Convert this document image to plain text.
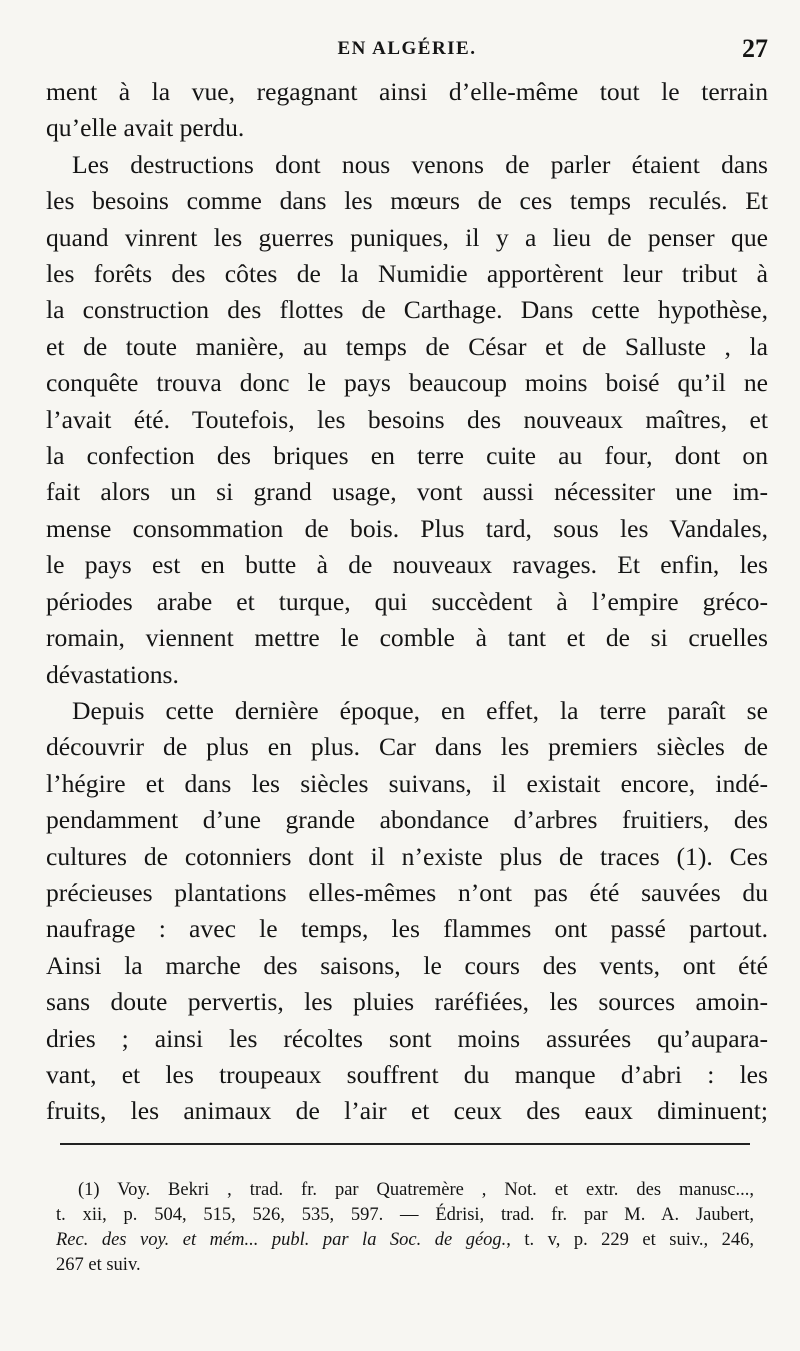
EN ALGÉRIE.	27

ment à la vue, regagnant ainsi d’elle-même tout le terrain
qu’elle avait perdu.

Les destructions dont nous venons de parler étaient dans
les besoins comme dans les mœurs de ces temps reculés. Et
quand vinrent les guerres puniques, il y a lieu de penser que
les forêts des côtes de la Numidie apportèrent leur tribut à
la construction des flottes de Carthage. Dans cette hypothèse,
et de toute manière, au temps de César et de Salluste , la
conquête trouva donc le pays beaucoup moins boisé qu’il ne
l’avait été. Toutefois, les besoins des nouveaux maîtres, et
la confection des briques en terre cuite au four, dont on
fait alors un si grand usage, vont aussi nécessiter une im-
mense consommation de bois. Plus tard, sous les Vandales,
le pays est en butte à de nouveaux ravages. Et enfin, les
périodes arabe et turque, qui succèdent à l’empire gréco-
romain, viennent mettre le comble à tant et de si cruelles
dévastations.

Depuis cette dernière époque, en effet, la terre paraît se
découvrir de plus en plus. Car dans les premiers siècles de
l’hégire et dans les siècles suivans, il existait encore, indé-
pendamment d’une grande abondance d’arbres fruitiers, des
cultures de cotonniers dont il n’existe plus de traces (1). Ces
précieuses plantations elles-mêmes n’ont pas été sauvées du
naufrage : avec le temps, les flammes ont passé partout.
Ainsi la marche des saisons, le cours des vents, ont été
sans doute pervertis, les pluies raréfiées, les sources amoin-
dries ; ainsi les récoltes sont moins assurées qu’aupara-
vant, et les troupeaux souffrent du manque d’abri : les
fruits, les animaux de l’air et ceux des eaux diminuent;

(1) Voy. Bekri , trad. fr. par Quatremère , Not. et extr. des manusc...,
t. xii, p. 504, 515, 526, 535, 597. — Édrisi, trad. fr. par M. A. Jaubert,
Rec. des voy. et mém... publ. par la Soc. de géog., t. v, p. 229 et suiv., 246,
267 et suiv.
